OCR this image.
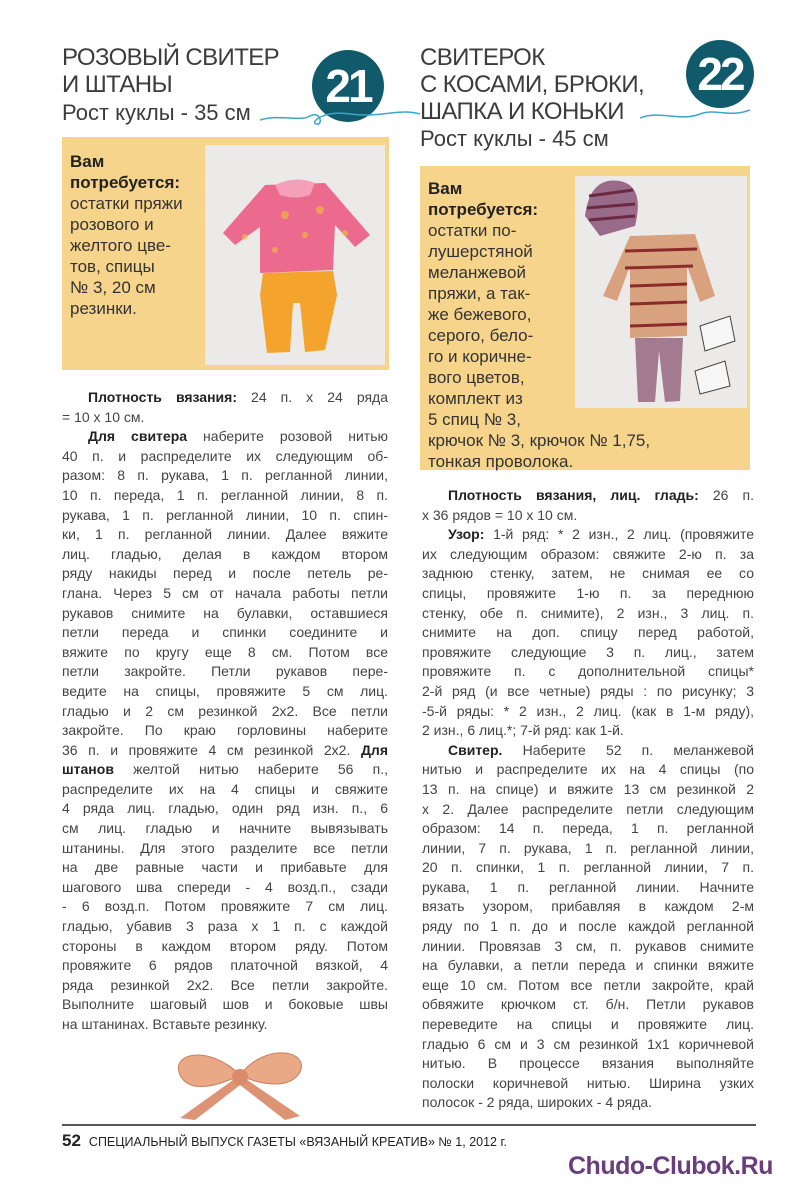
РОЗОВЫЙ СВИТЕР
И ШТАНЫ
Рост куклы - 35 см
21
Вам
потребуется:
остатки пряжи
розового и
желтого цве-
тов, спицы
№ 3, 20 см
резинки.
Плотность вязания: 24 п. х 24 ряда
= 10 х 10 см.
Для свитера наберите розовой нитью
40 п. и распределите их следующим об-
разом: 8 п. рукава, 1 п. регланной линии,
10 п. переда, 1 п. регланной линии, 8 п.
рукава, 1 п. регланной линии, 10 п. спин-
ки, 1 п. регланной линии. Далее вяжите
лиц. гладью, делая в каждом втором
ряду накиды перед и после петель ре-
глана. Через 5 см от начала работы петли
рукавов снимите на булавки, оставшиеся
петли переда и спинки соедините и
вяжите по кругу еще 8 см. Потом все
петли закройте. Петли рукавов пере-
ведите на спицы, провяжите 5 см лиц.
гладью и 2 см резинкой 2х2. Все петли
закройте. По краю горловины наберите
36 п. и провяжите 4 см резинкой 2х2. Для
штанов желтой нитью наберите 56 п.,
распределите их на 4 спицы и свяжите
4 ряда лиц. гладью, один ряд изн. п., 6
см лиц. гладью и начните вывязывать
штанины. Для этого разделите все петли
на две равные части и прибавьте для
шагового шва спереди - 4 возд.п., сзади
- 6 возд.п. Потом провяжите 7 см лиц.
гладью, убавив 3 раза х 1 п. с каждой
стороны в каждом втором ряду. Потом
провяжите 6 рядов платочной вязкой, 4
ряда резинкой 2х2. Все петли закройте.
Выполните шаговый шов и боковые швы
на штанинах. Вставьте резинку.
СВИТЕРОК
С КОСАМИ, БРЮКИ,
ШАПКА И КОНЬКИ
Рост куклы - 45 см
22
Вам
потребуется:
остатки по-
лушерстяной
меланжевой
пряжи, а так-
же бежевого,
серого, бело-
го и коричне-
вого цветов,
комплект из
5 спиц № 3,
крючок № 3, крючок № 1,75,
тонкая проволока.
Плотность вязания, лиц. гладь: 26 п.
х 36 рядов = 10 х 10 см.
Узор: 1-й ряд: * 2 изн., 2 лиц. (провяжите
их следующим образом: свяжите 2-ю п. за
заднюю стенку, затем, не снимая ее со
спицы, провяжите 1-ю п. за переднюю
стенку, обе п. снимите), 2 изн., 3 лиц. п.
снимите на доп. спицу перед работой,
провяжите следующие 3 п. лиц., затем
провяжите п. с дополнительной спицы*
2-й ряд (и все четные) ряды : по рисунку; 3
-5-й ряды: * 2 изн., 2 лиц. (как в 1-м ряду),
2 изн., 6 лиц.*; 7-й ряд: как 1-й.
Свитер. Наберите 52 п. меланжевой
нитью и распределите их на 4 спицы (по
13 п. на спице) и вяжите 13 см резинкой 2
х 2. Далее распределите петли следующим
образом: 14 п. переда, 1 п. регланной
линии, 7 п. рукава, 1 п. регланной линии,
20 п. спинки, 1 п. регланной линии, 7 п.
рукава, 1 п. регланной линии. Начните
вязать узором, прибавляя в каждом 2-м
ряду по 1 п. до и после каждой регланной
линии. Провязав 3 см, п. рукавов снимите
на булавки, а петли переда и спинки вяжите
еще 10 см. Потом все петли закройте, край
обвяжите крючком ст. б/н. Петли рукавов
переведите на спицы и провяжите лиц.
гладью 6 см и 3 см резинкой 1х1 коричневой
нитью. В процессе вязания выполняйте
полоски коричневой нитью. Ширина узких
полосок - 2 ряда, широких - 4 ряда.
52 СПЕЦИАЛЬНЫЙ ВЫПУСК ГАЗЕТЫ «ВЯЗАНЫЙ КРЕАТИВ» № 1, 2012 г.
Chudo-Clubok.Ru
